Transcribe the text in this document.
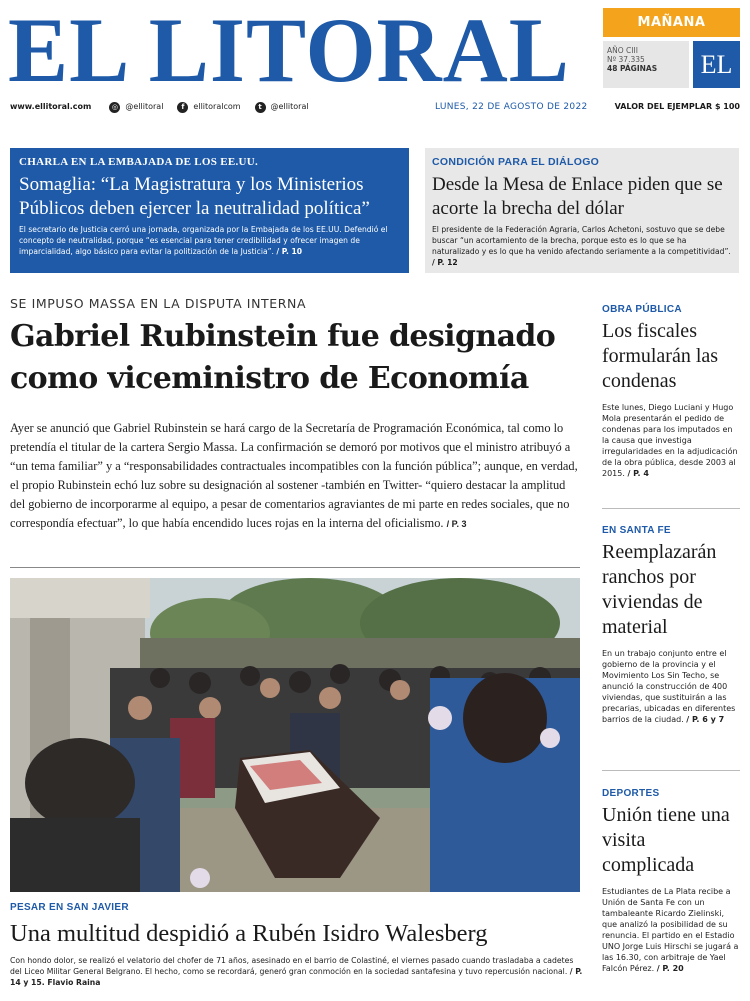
EL LITORAL	MAÑANA
AÑO CIII
Nº 37.335
48 PÁGINAS	EL
www.ellitoral.com	◎ @ellitoral	f	ellitoralcom	t	@ellitoral	LUNES, 22 DE AGOSTO DE 2022	VALOR DEL EJEMPLAR $ 100
CHARLA EN LA EMBAJADA DE LOS EE.UU.
Somaglia: “La Magistratura y los Ministerios Públicos deben ejercer la neutralidad política”
El secretario de Justicia cerró una jornada, organizada por la Embajada de los EE.UU. Defendió el concepto de neutralidad, porque “es esencial para tener credibilidad y ofrecer imagen de imparcialidad, algo básico para evitar la politización de la Justicia”. / P. 10
CONDICIÓN PARA EL DIÁLOGO
Desde la Mesa de Enlace piden que se acorte la brecha del dólar
El presidente de la Federación Agraria, Carlos Achetoni, sostuvo que se debe buscar “un acortamiento de la brecha, porque esto es lo que se ha naturalizado y es lo que ha venido afectando seriamente a la competitividad”. / P. 12
SE IMPUSO MASSA EN LA DISPUTA INTERNA
Gabriel Rubinstein fue designado como viceministro de Economía
Ayer se anunció que Gabriel Rubinstein se hará cargo de la Secretaría de Programación Económica, tal como lo pretendía el titular de la cartera Sergio Massa. La confirmación se demoró por motivos que el ministro atribuyó a “un tema familiar” y a “responsabilidades contractuales incompatibles con la función pública”; aunque, en verdad, el propio Rubinstein echó luz sobre su designación al sostener -también en Twitter- “quiero destacar la amplitud del gobierno de incorporarme al equipo, a pesar de comentarios agraviantes de mi parte en redes sociales, que no correspondía efectuar”, lo que había encendido luces rojas en la interna del oficialismo. / P. 3
PESAR EN SAN JAVIER
Una multitud despidió a Rubén Isidro Walesberg
Con hondo dolor, se realizó el velatorio del chofer de 71 años, asesinado en el barrio de Colastiné, el viernes pasado cuando trasladaba a cadetes del Liceo Militar General Belgrano. El hecho, como se recordará, generó gran conmoción en la sociedad santafesina y tuvo repercusión nacional. / P. 14 y 15. Flavio Raina
OBRA PÚBLICA
Los fiscales formularán las condenas
Este lunes, Diego Luciani y Hugo Mola presentarán el pedido de condenas para los imputados en la causa que investiga irregularidades en la adjudicación de la obra pública, desde 2003 al 2015. / P. 4
EN SANTA FE
Reemplazarán ranchos por viviendas de material
En un trabajo conjunto entre el gobierno de la provincia y el Movimiento Los Sin Techo, se anunció la construcción de 400 viviendas, que sustituirán a las precarias, ubicadas en diferentes barrios de la ciudad. / P. 6 y 7
DEPORTES
Unión tiene una visita complicada
Estudiantes de La Plata recibe a Unión de Santa Fe con un tambaleante Ricardo Zielinski, que analizó la posibilidad de su renuncia. El partido en el Estadio UNO Jorge Luis Hirschi se jugará a las 16.30, con arbitraje de Yael Falcón Pérez. / P. 20
